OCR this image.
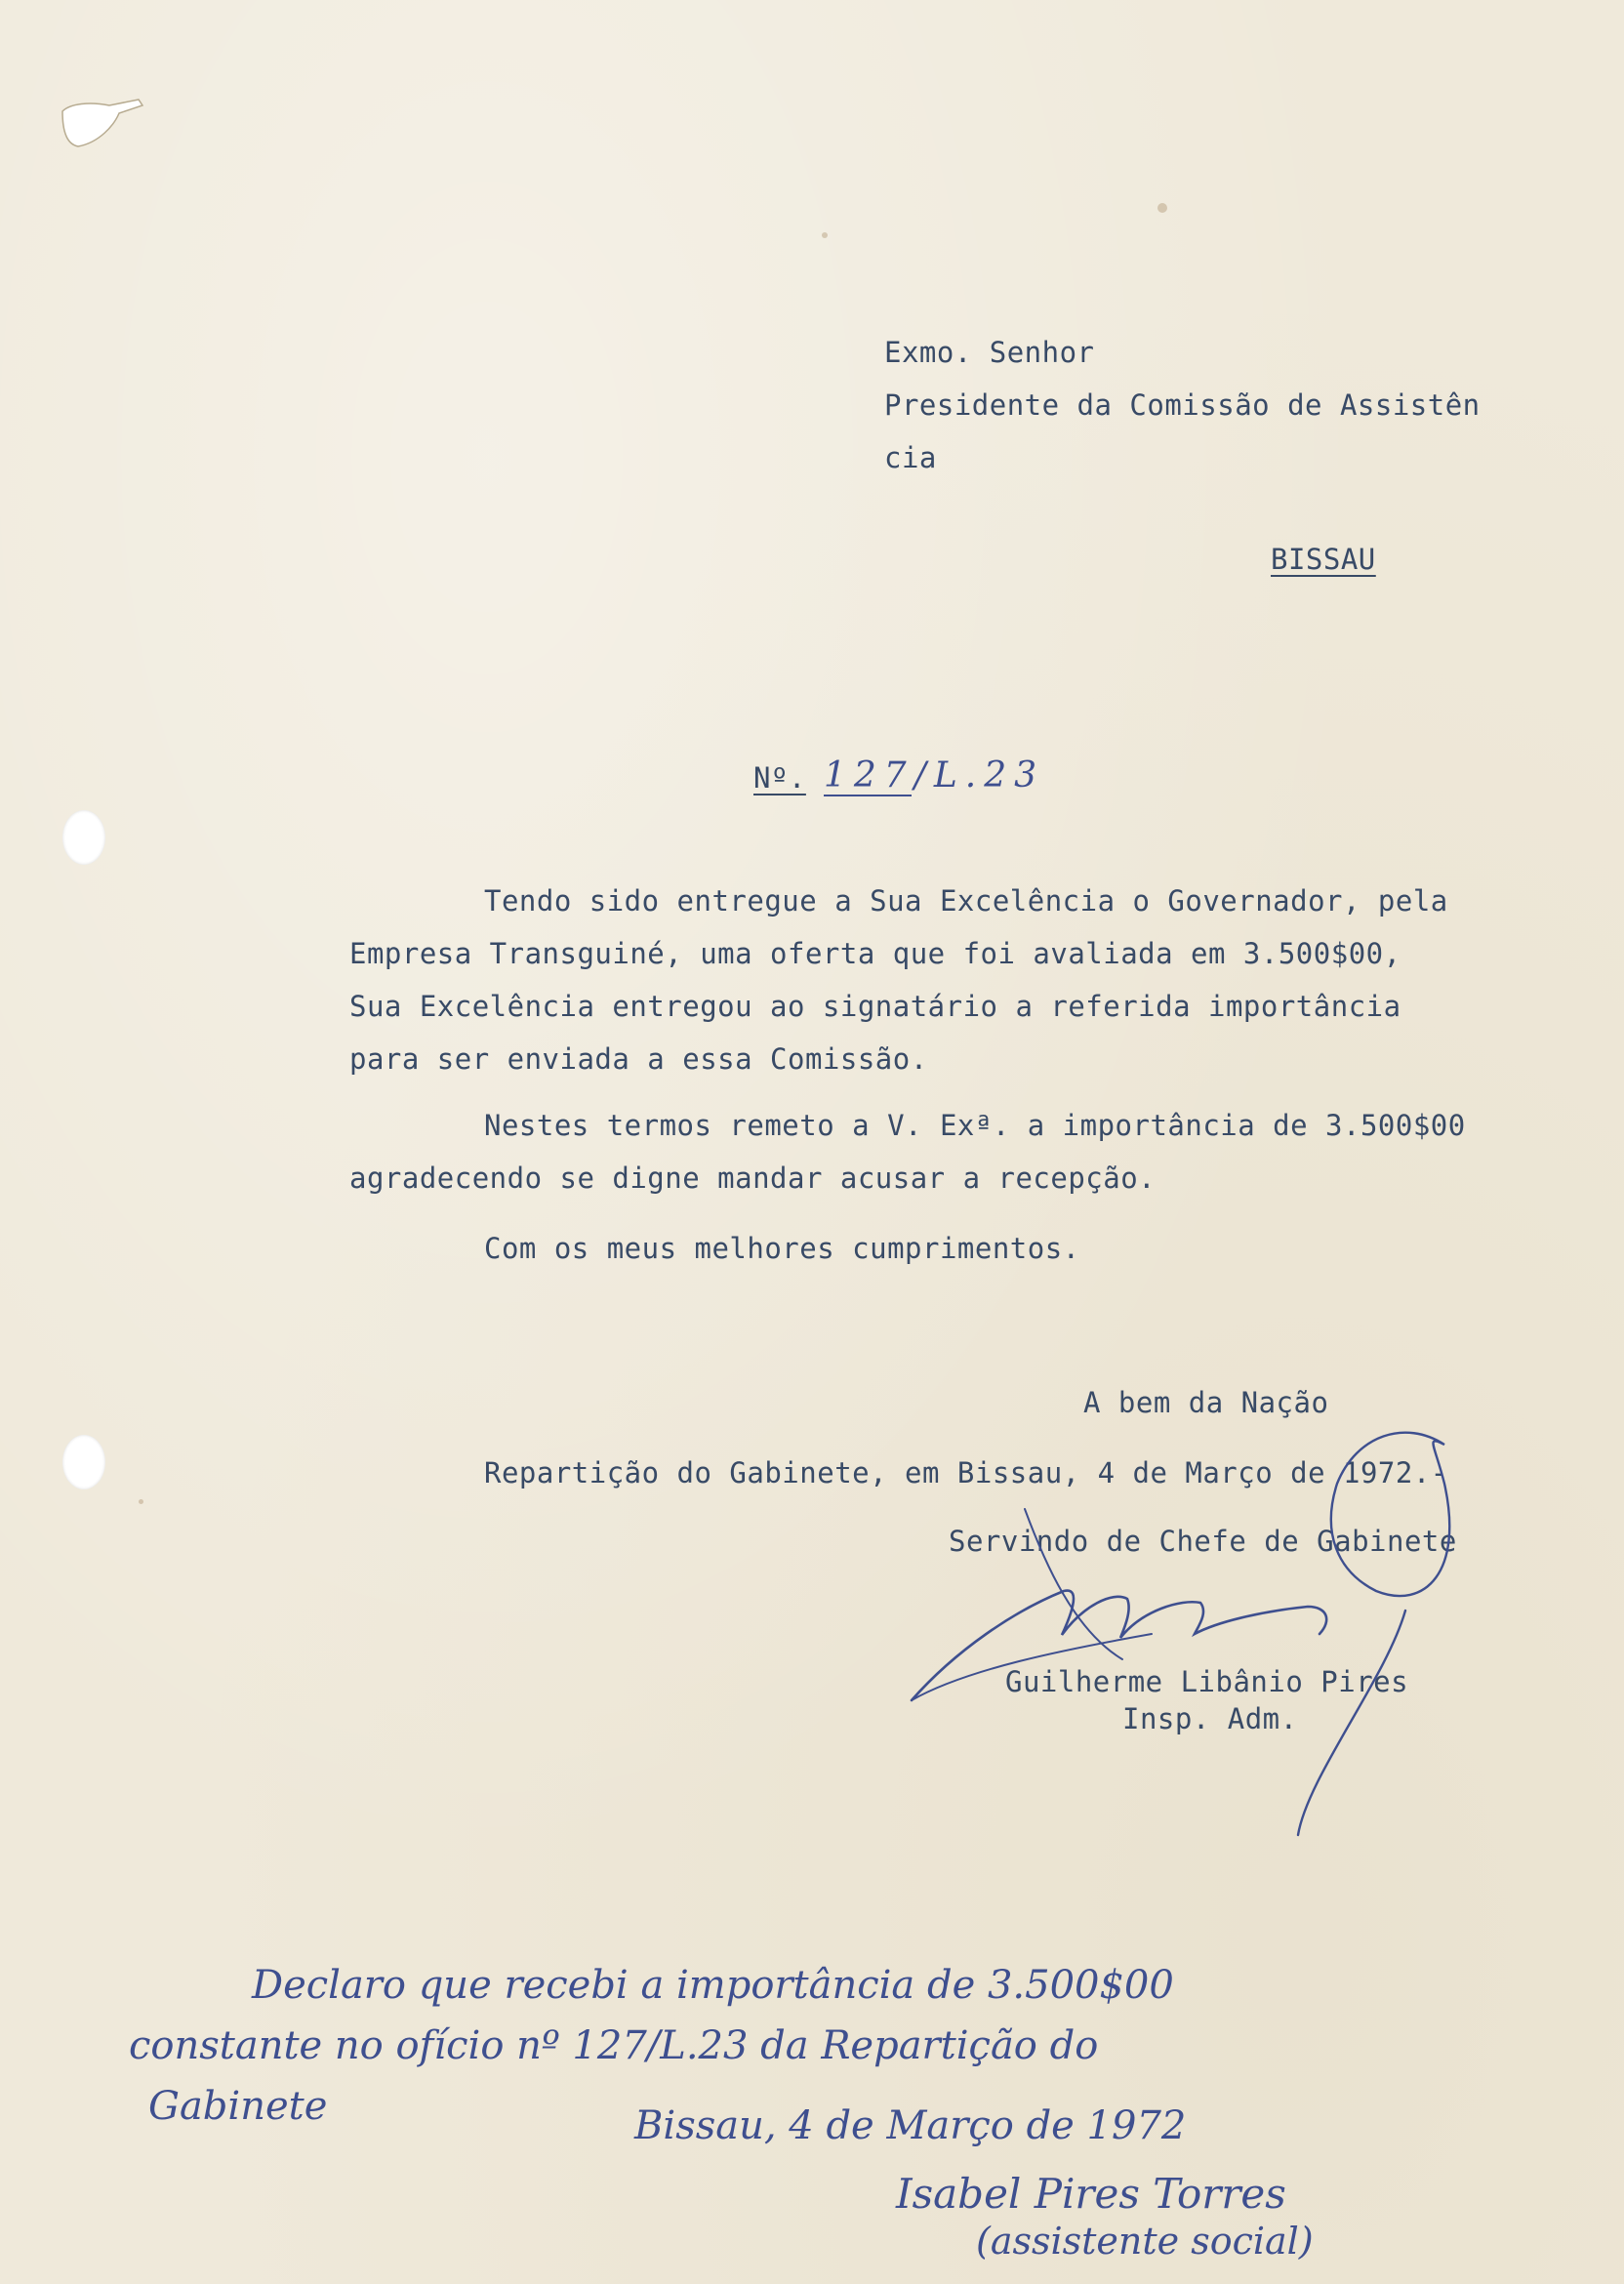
Exmo. Senhor
Presidente da Comissão de Assistên
cia
BISSAU
Nº. 127/L.23
Tendo sido entregue a Sua Excelência o Governador, pela
Empresa Transguiné, uma oferta que foi avaliada em 3.500$00,
Sua Excelência entregou ao signatário a referida importância
para ser enviada a essa Comissão.
Nestes termos remeto a V. Exª. a importância de 3.500$00
agradecendo se digne mandar acusar a recepção.
Com os meus melhores cumprimentos.
A bem da Nação
Repartição do Gabinete, em Bissau, 4 de Março de 1972.-
Servindo de Chefe de Gabinete
Guilherme Libânio Pires
Insp. Adm.
Declaro que recebi a importância de 3.500$00
constante no ofício nº 127/L.23 da Repartição do
Gabinete	Bissau, 4 de Março de 1972
Isabel Pires Torres
(assistente social)
